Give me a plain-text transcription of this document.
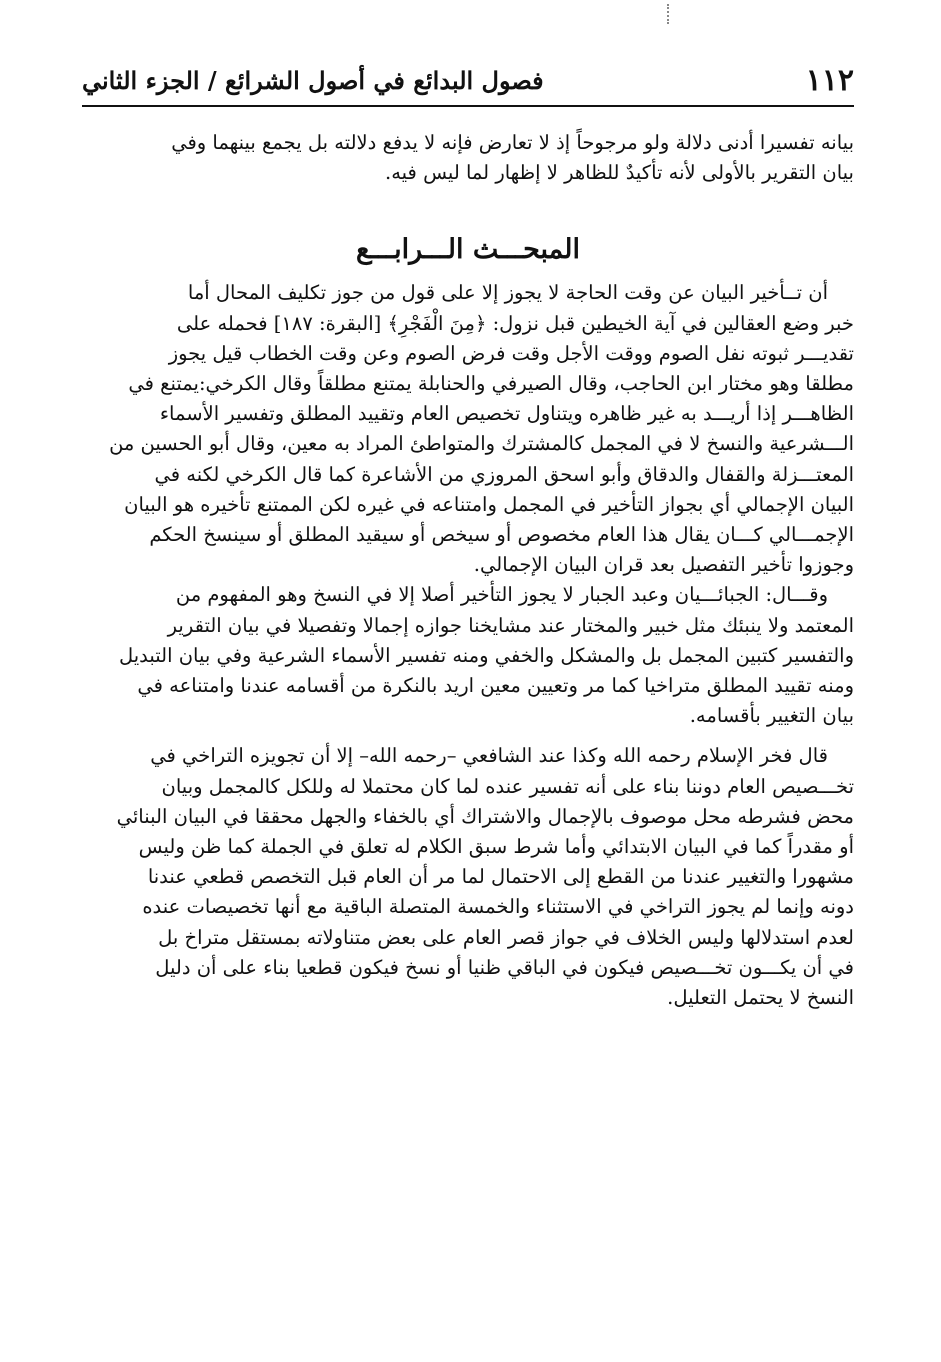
١١٢
فصول البدائع في أصول الشرائع / الجزء الثاني

بيانه تفسيرا أدنى دلالة ولو مرجوحاً إذ لا تعارض فإنه لا يدفع دلالته بل يجمع بينهما وفي
بيان التقرير بالأولى لأنه تأكيدٌ للظاهر لا إظهار لما ليس فيه.

المبحـــث الـــرابـــع

أن تــأخير البيان عن وقت الحاجة لا يجوز إلا على قول من جوز تكليف المحال أما
خبر وضع العقالين في آية الخيطين قبل نزول: ﴿مِنَ الْفَجْرِ﴾ [البقرة: ١٨٧] فحمله على
تقديـــر ثبوته نفل الصوم ووقت الأجل وقت فرض الصوم وعن وقت الخطاب قيل يجوز
مطلقا وهو مختار ابن الحاجب، وقال الصيرفي والحنابلة يمتنع مطلقاً وقال الكرخي:يمتنع في
الظاهـــر إذا أريـــد به غير ظاهره ويتناول تخصيص العام وتقييد المطلق وتفسير الأسماء
الـــشرعية والنسخ لا في المجمل كالمشترك والمتواطئ المراد به معين، وقال أبو الحسين من
المعتـــزلة والقفال والدقاق وأبو اسحق المروزي من الأشاعرة كما قال الكرخي لكنه في
البيان الإجمالي أي بجواز التأخير في المجمل وامتناعه في غيره لكن الممتنع تأخيره هو البيان
الإجمـــالي كـــان يقال هذا العام مخصوص أو سيخص أو سيقيد المطلق أو سينسخ الحكم
وجوزوا تأخير التفصيل بعد قران البيان الإجمالي.

وقـــال: الجبائـــيان وعبد الجبار لا يجوز التأخير أصلا إلا في النسخ وهو المفهوم من
المعتمد ولا ينبئك مثل خبير والمختار عند مشايخنا جوازه إجمالا وتفصيلا في بيان التقرير
والتفسير كتبين المجمل بل والمشكل والخفي ومنه تفسير الأسماء الشرعية وفي بيان التبديل
ومنه تقييد المطلق متراخيا كما مر وتعيين معين اريد بالنكرة من أقسامه عندنا وامتناعه في
بيان التغيير بأقسامه.

قال فخر الإسلام رحمه الله وكذا عند الشافعي –رحمه الله– إلا أن تجويزه التراخي في
تخـــصيص العام دوننا بناء على أنه تفسير عنده لما كان محتملا له وللكل كالمجمل وبيان
محض فشرطه محل موصوف بالإجمال والاشتراك أي بالخفاء والجهل محققا في البيان البنائي
أو مقدراً كما في البيان الابتدائي وأما شرط سبق الكلام له تعلق في الجملة كما ظن وليس
مشهورا والتغيير عندنا من القطع إلى الاحتمال لما مر أن العام قبل التخصص قطعي عندنا
دونه وإنما لم يجوز التراخي في الاستثناء والخمسة المتصلة الباقية مع أنها تخصيصات عنده
لعدم استدلالها وليس الخلاف في جواز قصر العام على بعض متناولاته بمستقل متراخ بل
في أن يكـــون تخـــصيص فيكون في الباقي ظنيا أو نسخ فيكون قطعيا بناء على أن دليل
النسخ لا يحتمل التعليل.
